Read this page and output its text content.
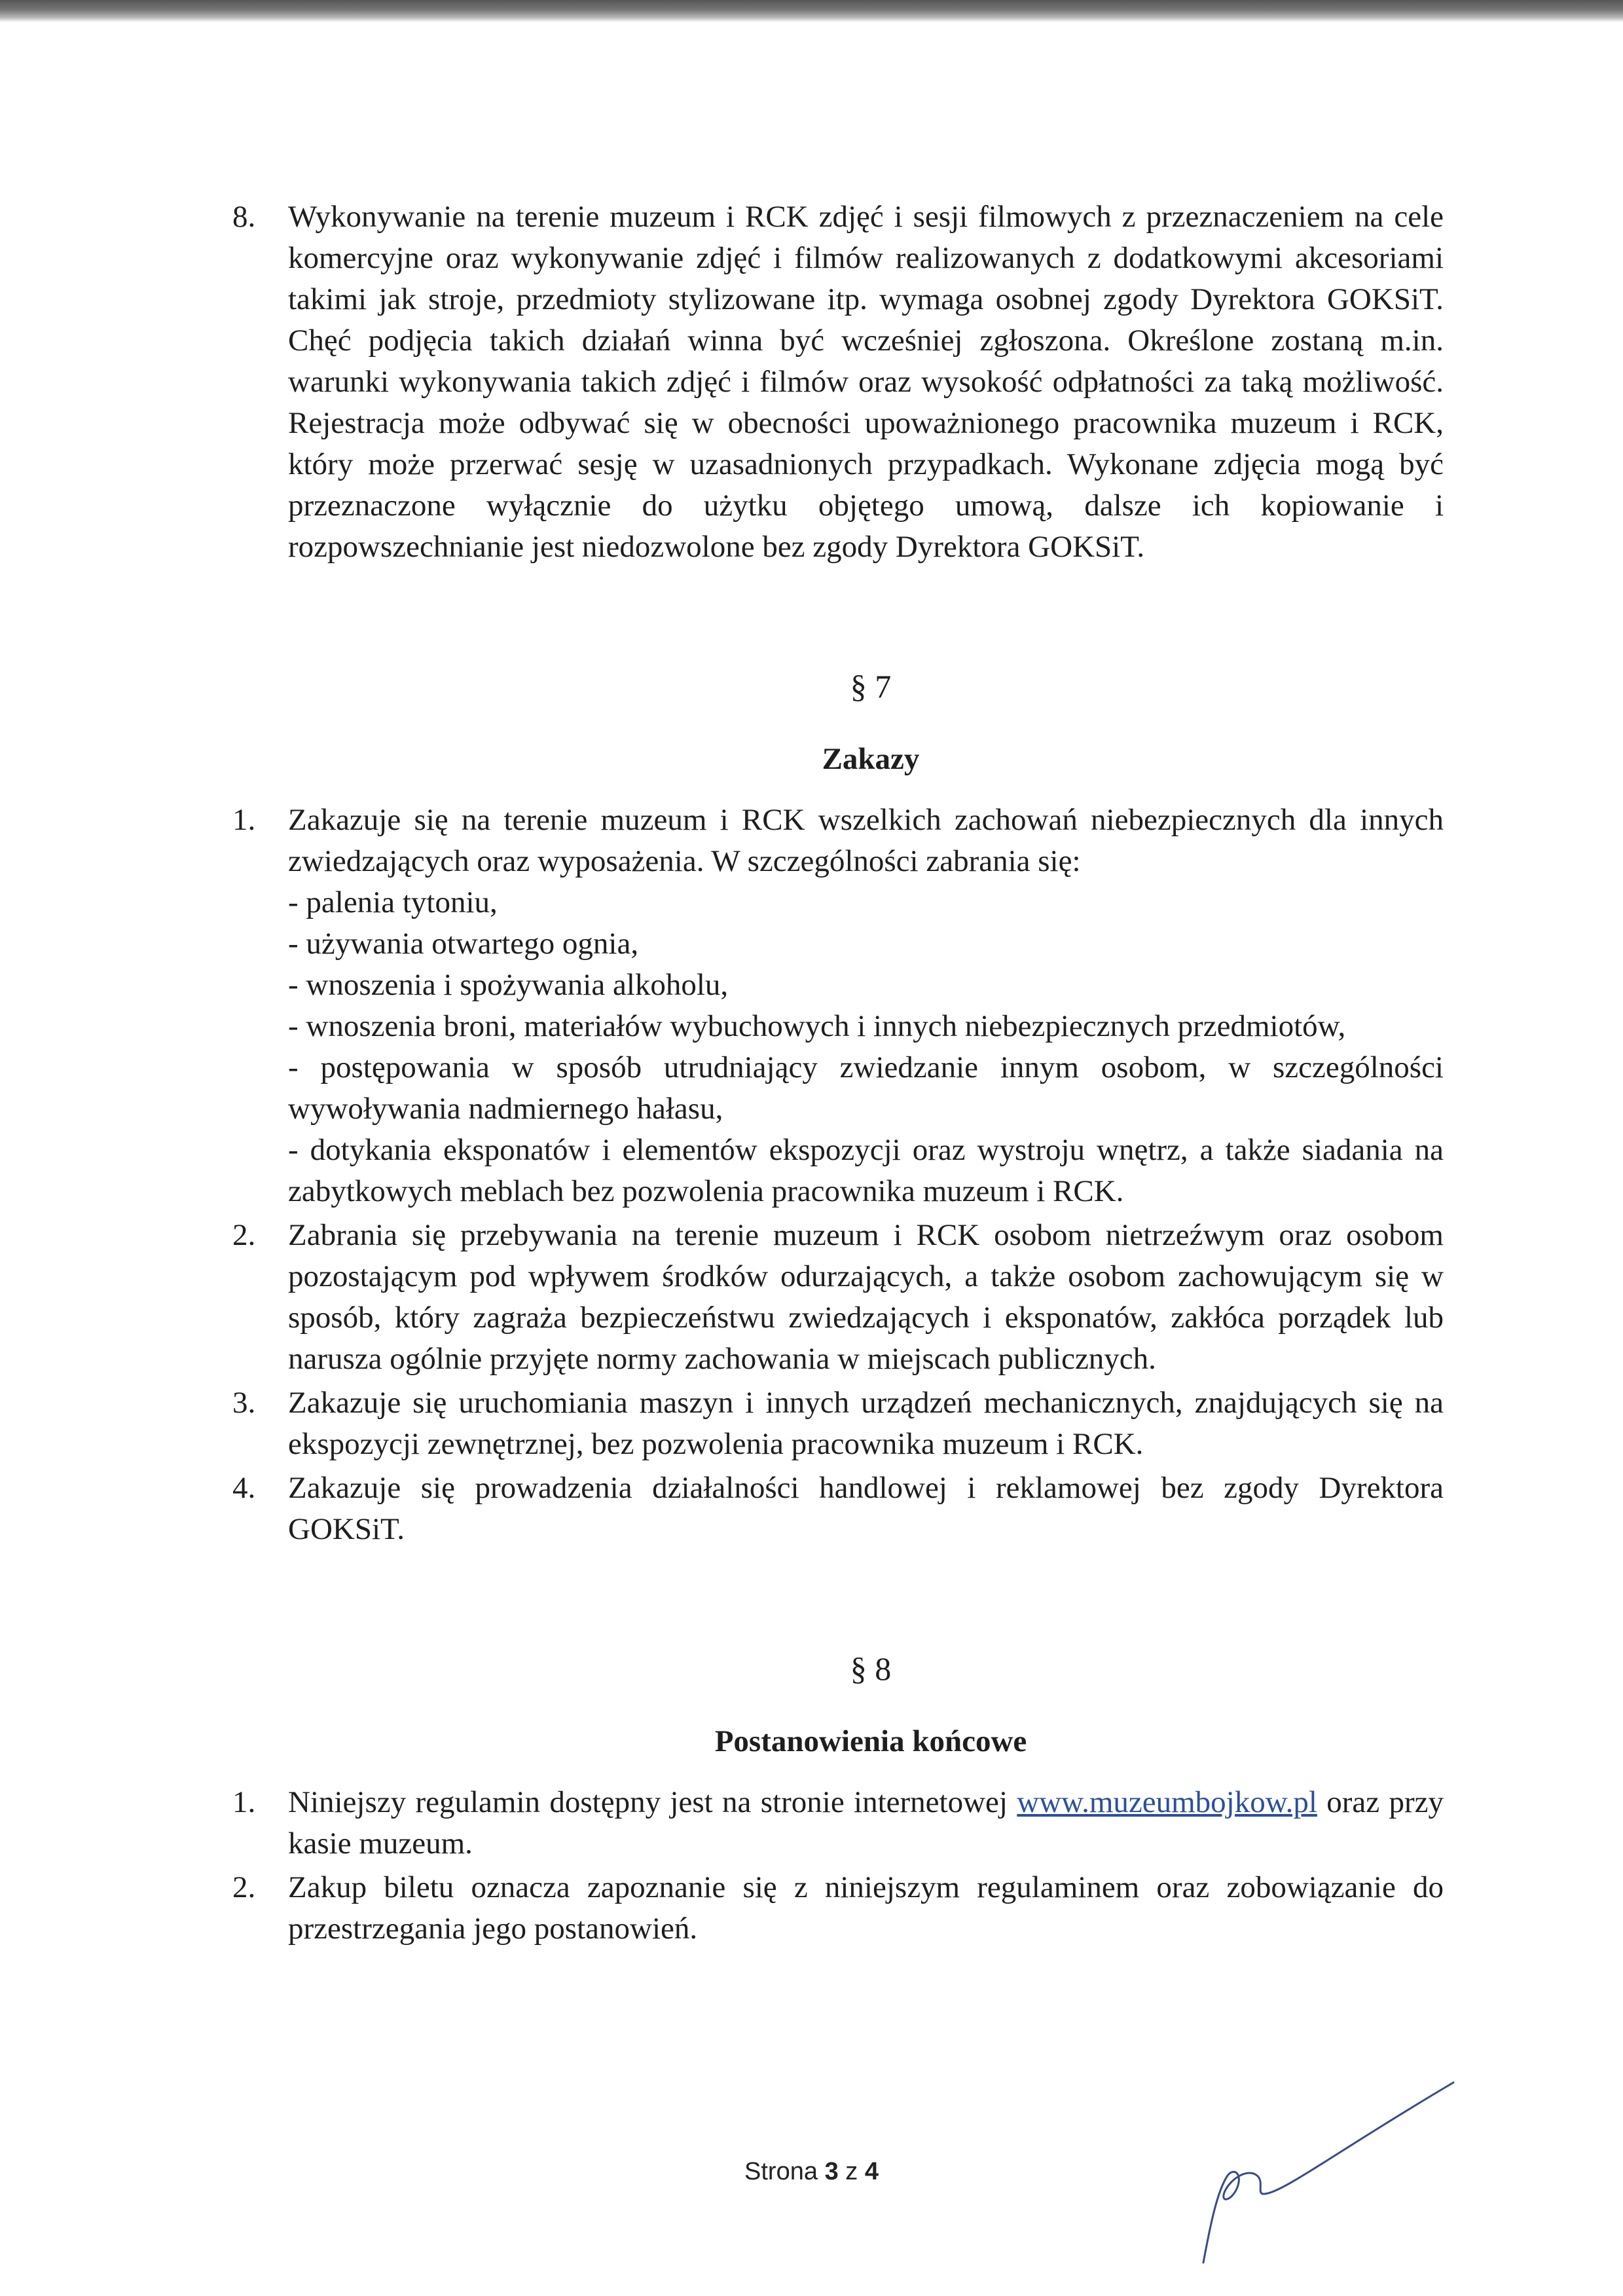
8.	Wykonywanie na terenie muzeum i RCK zdjęć i sesji filmowych z przeznaczeniem na cele komercyjne oraz wykonywanie zdjęć i filmów realizowanych z dodatkowymi akcesoriami takimi jak stroje, przedmioty stylizowane itp. wymaga osobnej zgody Dyrektora GOKSiT. Chęć podjęcia takich działań winna być wcześniej zgłoszona. Określone zostaną m.in. warunki wykonywania takich zdjęć i filmów oraz wysokość odpłatności za taką możliwość. Rejestracja może odbywać się w obecności upoważnionego pracownika muzeum i RCK, który może przerwać sesję w uzasadnionych przypadkach. Wykonane zdjęcia mogą być przeznaczone wyłącznie do użytku objętego umową, dalsze ich kopiowanie i rozpowszechnianie jest niedozwolone bez zgody Dyrektora GOKSiT.
§ 7
Zakazy
1.	Zakazuje się na terenie muzeum i RCK wszelkich zachowań niebezpiecznych dla innych zwiedzających oraz wyposażenia. W szczególności zabrania się:

- palenia tytoniu,

- używania otwartego ognia,

- wnoszenia i spożywania alkoholu,

- wnoszenia broni, materiałów wybuchowych i innych niebezpiecznych przedmiotów,

- postępowania w sposób utrudniający zwiedzanie innym osobom, w szczególności wywoływania nadmiernego hałasu,

- dotykania eksponatów i elementów ekspozycji oraz wystroju wnętrz, a także siadania na zabytkowych meblach bez pozwolenia pracownika muzeum i RCK.

2.	Zabrania się przebywania na terenie muzeum i RCK osobom nietrzeźwym oraz osobom pozostającym pod wpływem środków odurzających, a także osobom zachowującym się w sposób, który zagraża bezpieczeństwu zwiedzających i eksponatów, zakłóca porządek lub narusza ogólnie przyjęte normy zachowania w miejscach publicznych.
3.	Zakazuje się uruchomiania maszyn i innych urządzeń mechanicznych, znajdujących się na ekspozycji zewnętrznej, bez pozwolenia pracownika muzeum i RCK.
4.	Zakazuje się prowadzenia działalności handlowej i reklamowej bez zgody Dyrektora GOKSiT.
§ 8
Postanowienia końcowe
1.	Niniejszy regulamin dostępny jest na stronie internetowej www.muzeumbojkow.pl oraz przy kasie muzeum.
2.	Zakup biletu oznacza zapoznanie się z niniejszym regulaminem oraz zobowiązanie do przestrzegania jego postanowień.
Strona 3 z 4
